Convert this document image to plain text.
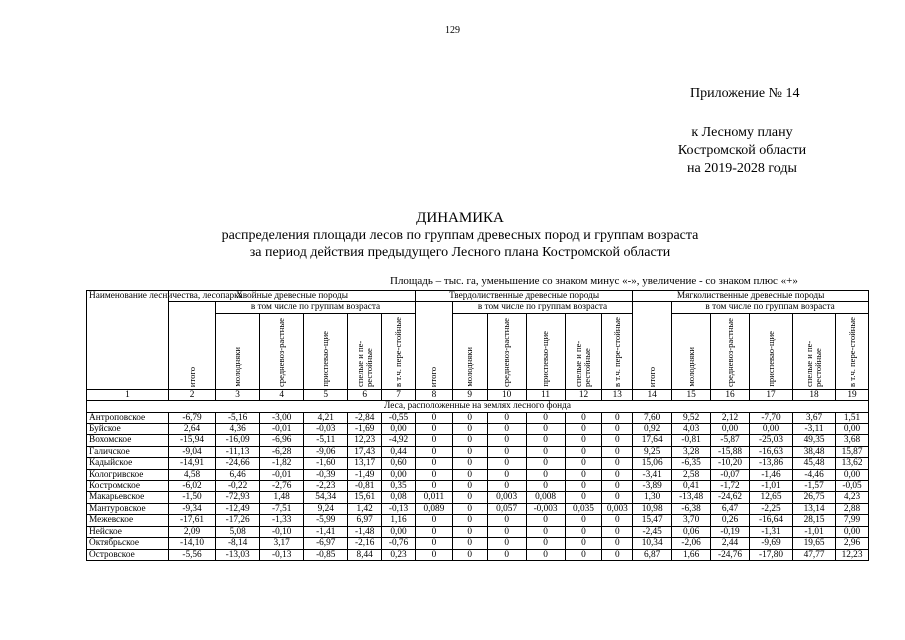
129
Приложение № 14
к Лесному плану
Костромской области
на 2019-2028 годы
ДИНАМИКА
распределения площади лесов по группам древесных пород и группам возраста
за период действия предыдущего Лесного плана Костромской области
Площадь – тыс. га, уменьшение со знаком минус «-», увеличение - со знаком плюс «+»
Наименование лесничества, лесопарка	Хвойные древесные породы						Твердолиственные древесные породы						Мягколиственные древесные породы					

	итого	в том числе по группам возраста					итого	в том числе по группам возраста					итого	в том числе по группам возраста				

		молодняки	средневоз-растные	приспевао-щие	спелые и пе-рестойные	в т.ч. пере-стойные		молодняки	средневоз-растные	приспевао-щие	спелые и пе-рестойные	в т.ч. пере-стойные		молодняки	средневоз-растные	приспевао-щие	спелые и пе-рестойные	в т.ч. пере-стойные

1	2	3	4	5	6	7	8	9	10	11	12	13	14	15	16	17	18	19
Леса, расположенные на землях лесного фонда																		
Антроповское	-6,79	-5,16	-3,00	4,21	-2,84	-0,55	0	0	0	0	0	0	7,60	9,52	2,12	-7,70	3,67	1,51
Буйское	2,64	4,36	-0,01	-0,03	-1,69	0,00	0	0	0	0	0	0	0,92	4,03	0,00	0,00	-3,11	0,00
Вохомское	-15,94	-16,09	-6,96	-5,11	12,23	-4,92	0	0	0	0	0	0	17,64	-0,81	-5,87	-25,03	49,35	3,68
Галичское	-9,04	-11,13	-6,28	-9,06	17,43	0,44	0	0	0	0	0	0	9,25	3,28	-15,88	-16,63	38,48	15,87
Кадыйское	-14,91	-24,66	-1,82	-1,60	13,17	0,60	0	0	0	0	0	0	15,06	-6,35	-10,20	-13,86	45,48	13,62
Кологривское	4,58	6,46	-0,01	-0,39	-1,49	0,00	0	0	0	0	0	0	-3,41	2,58	-0,07	-1,46	-4,46	0,00
Костромское	-6,02	-0,22	-2,76	-2,23	-0,81	0,35	0	0	0	0	0	0	-3,89	0,41	-1,72	-1,01	-1,57	-0,05
Макарьевское	-1,50	-72,93	1,48	54,34	15,61	0,08	0,011	0	0,003	0,008	0	0	1,30	-13,48	-24,62	12,65	26,75	4,23
Мантуровское	-9,34	-12,49	-7,51	9,24	1,42	-0,13	0,089	0	0,057	-0,003	0,035	0,003	10,98	-6,38	6,47	-2,25	13,14	2,88
Межевское	-17,61	-17,26	-1,33	-5,99	6,97	1,16	0	0	0	0	0	0	15,47	3,70	0,26	-16,64	28,15	7,99
Нейское	2,09	5,08	-0,10	-1,41	-1,48	0,00	0	0	0	0	0	0	-2,45	0,06	-0,19	-1,31	-1,01	0,00
Октябрьское	-14,10	-8,14	3,17	-6,97	-2,16	-0,76	0	0	0	0	0	0	10,34	-2,06	2,44	-9,69	19,65	2,96
Островское	-5,56	-13,03	-0,13	-0,85	8,44	0,23	0	0	0	0	0	0	6,87	1,66	-24,76	-17,80	47,77	12,23
